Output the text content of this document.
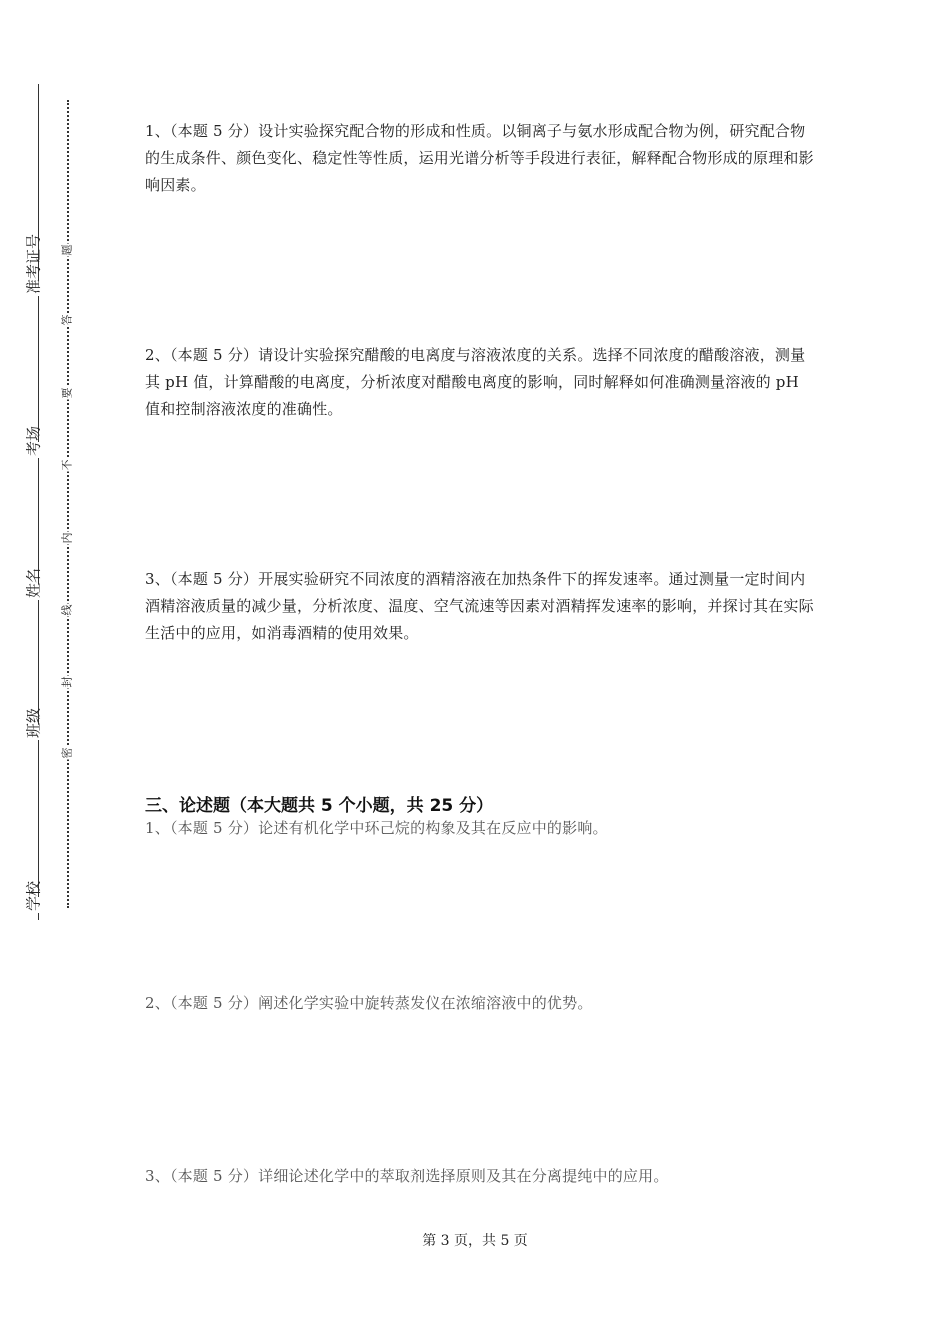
准考证号
考场
姓名
班级
学校
题
答
要
不
内
线
封
密
1、（本题 5 分）设计实验探究配合物的形成和性质。以铜离子与氨水形成配合物为例，研究配合物的生成条件、颜色变化、稳定性等性质，运用光谱分析等手段进行表征，解释配合物形成的原理和影响因素。
2、（本题 5 分）请设计实验探究醋酸的电离度与溶液浓度的关系。选择不同浓度的醋酸溶液，测量其 pH 值，计算醋酸的电离度，分析浓度对醋酸电离度的影响，同时解释如何准确测量溶液的 pH 值和控制溶液浓度的准确性。
3、（本题 5 分）开展实验研究不同浓度的酒精溶液在加热条件下的挥发速率。通过测量一定时间内酒精溶液质量的减少量，分析浓度、温度、空气流速等因素对酒精挥发速率的影响，并探讨其在实际生活中的应用，如消毒酒精的使用效果。
三、论述题（本大题共 5 个小题，共 25 分）
1、（本题 5 分）论述有机化学中环己烷的构象及其在反应中的影响。
2、（本题 5 分）阐述化学实验中旋转蒸发仪在浓缩溶液中的优势。
3、（本题 5 分）详细论述化学中的萃取剂选择原则及其在分离提纯中的应用。
第 3 页，共 5 页
